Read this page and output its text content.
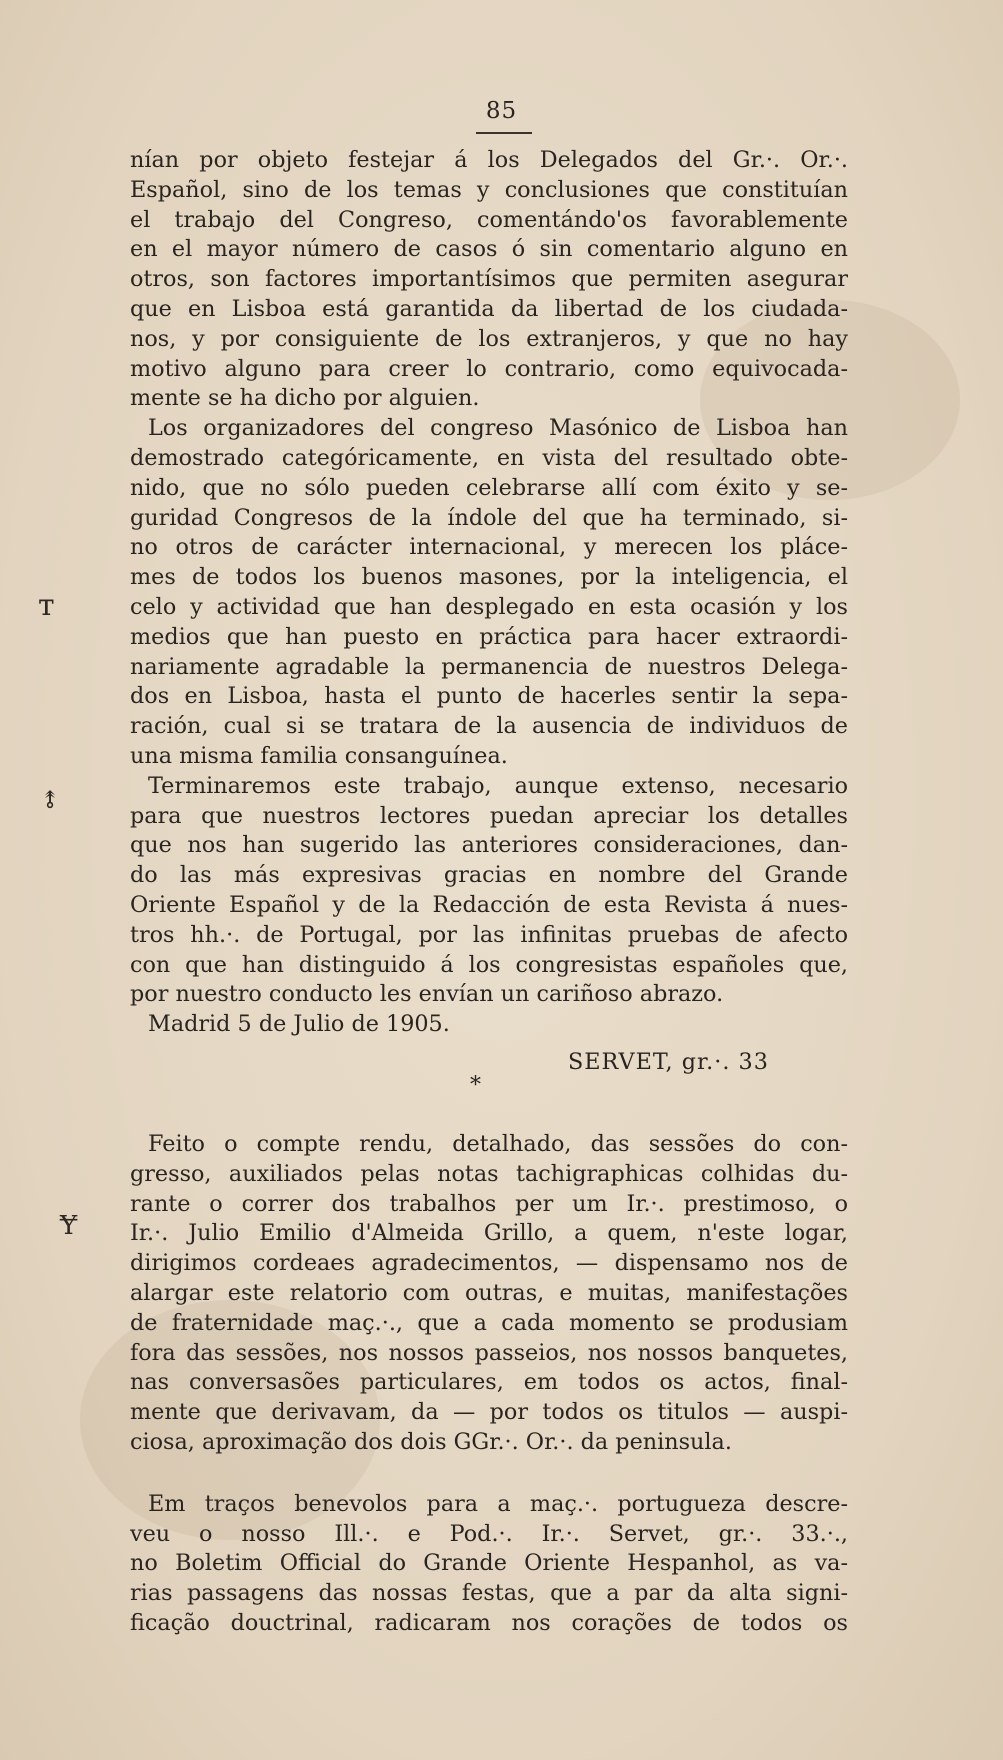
85
nían por objeto festejar á los Delegados del Gr.·. Or.·.
Español, sino de los temas y conclusiones que constituían
el trabajo del Congreso, comentándo'os favorablemente
en el mayor número de casos ó sin comentario alguno en
otros, son factores importantísimos que permiten asegurar
que en Lisboa está garantida da libertad de los ciudada-
nos, y por consiguiente de los extranjeros, y que no hay
motivo alguno para creer lo contrario, como equivocada-
mente se ha dicho por alguien.
Los organizadores del congreso Masónico de Lisboa han
demostrado categóricamente, en vista del resultado obte-
nido, que no sólo pueden celebrarse allí com éxito y se-
guridad Congresos de la índole del que ha terminado, si-
no otros de carácter internacional, y merecen los pláce-
mes de todos los buenos masones, por la inteligencia, el
celo y actividad que han desplegado en esta ocasión y los
medios que han puesto en práctica para hacer extraordi-
nariamente agradable la permanencia de nuestros Delega-
dos en Lisboa, hasta el punto de hacerles sentir la sepa-
ración, cual si se tratara de la ausencia de individuos de
una misma familia consanguínea.
Terminaremos este trabajo, aunque extenso, necesario
para que nuestros lectores puedan apreciar los detalles
que nos han sugerido las anteriores consideraciones, dan-
do las más expresivas gracias en nombre del Grande
Oriente Español y de la Redacción de esta Revista á nues-
tros hh.·. de Portugal, por las infinitas pruebas de afecto
con que han distinguido á los congresistas españoles que,
por nuestro conducto les envían un cariñoso abrazo.
Madrid 5 de Julio de 1905.
SERVET, gr.·. 33
*
Feito o compte rendu, detalhado, das sessões do con-
gresso, auxiliados pelas notas tachigraphicas colhidas du-
rante o correr dos trabalhos per um Ir.·. prestimoso, o
Ir.·. Julio Emilio d'Almeida Grillo, a quem, n'este logar,
dirigimos cordeaes agradecimentos, — dispensamo nos de
alargar este relatorio com outras, e muitas, manifestações
de fraternidade maç.·., que a cada momento se produsiam
fora das sessões, nos nossos passeios, nos nossos banquetes,
nas conversasões particulares, em todos os actos, final-
mente que derivavam, da — por todos os titulos — auspi-
ciosa, aproximação dos dois GGr.·. Or.·. da peninsula.
Em traços benevolos para a maç.·. portugueza descre-
veu o nosso Ill.·. e Pod.·. Ir.·. Servet, gr.·. 33.·.,
no Boletim Official do Grande Oriente Hespanhol, as va-
rias passagens das nossas festas, que a par da alta signi-
ficação douctrinal, radicaram nos corações de todos os
ᴛ
⥉
Ɏ
